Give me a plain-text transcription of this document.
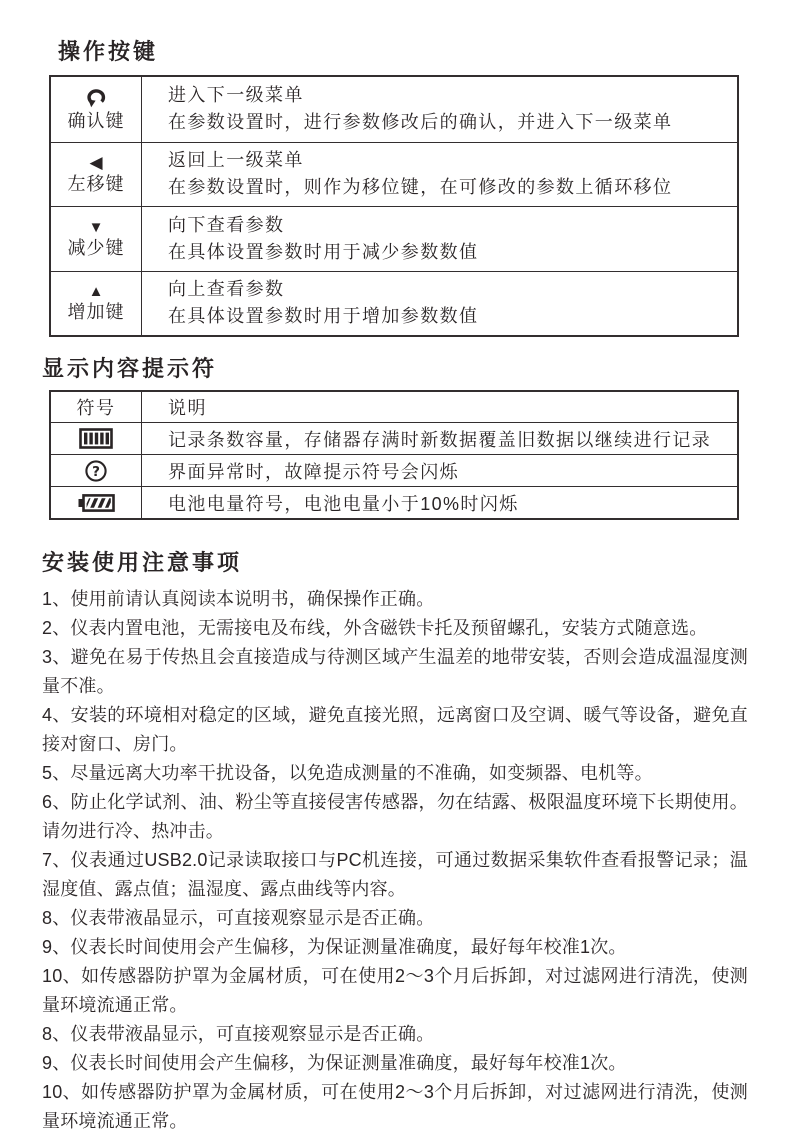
操作按键
确认键
进入下一级菜单
在参数设置时，进行参数修改后的确认，并进入下一级菜单
◀
左移键
返回上一级菜单
在参数设置时，则作为移位键，在可修改的参数上循环移位
▼
减少键
向下查看参数
在具体设置参数时用于减少参数数值
▲
增加键
向上查看参数
在具体设置参数时用于增加参数数值
显示内容提示符
符号	说明
记录条数容量，存储器存满时新数据覆盖旧数据以继续进行记录
?	界面异常时，故障提示符号会闪烁
电池电量符号，电池电量小于10%时闪烁
安装使用注意事项

1、使用前请认真阅读本说明书，确保操作正确。

2、仪表内置电池，无需接电及布线，外含磁铁卡托及预留螺孔，安装方式随意选。

3、避免在易于传热且会直接造成与待测区域产生温差的地带安装，否则会造成温湿度测量不准。

4、安装的环境相对稳定的区域，避免直接光照，远离窗口及空调、暖气等设备，避免直接对窗口、房门。

5、尽量远离大功率干扰设备，以免造成测量的不准确，如变频器、电机等。

6、防止化学试剂、油、粉尘等直接侵害传感器，勿在结露、极限温度环境下长期使用。请勿进行冷、热冲击。

7、仪表通过USB2.0记录读取接口与PC机连接，可通过数据采集软件查看报警记录；温湿度值、露点值；温湿度、露点曲线等内容。

8、仪表带液晶显示，可直接观察显示是否正确。

9、仪表长时间使用会产生偏移，为保证测量准确度，最好每年校准1次。

10、如传感器防护罩为金属材质，可在使用2～3个月后拆卸，对过滤网进行清洗，使测量环境流通正常。

8、仪表带液晶显示，可直接观察显示是否正确。

9、仪表长时间使用会产生偏移，为保证测量准确度，最好每年校准1次。

10、如传感器防护罩为金属材质，可在使用2～3个月后拆卸，对过滤网进行清洗，使测量环境流通正常。
